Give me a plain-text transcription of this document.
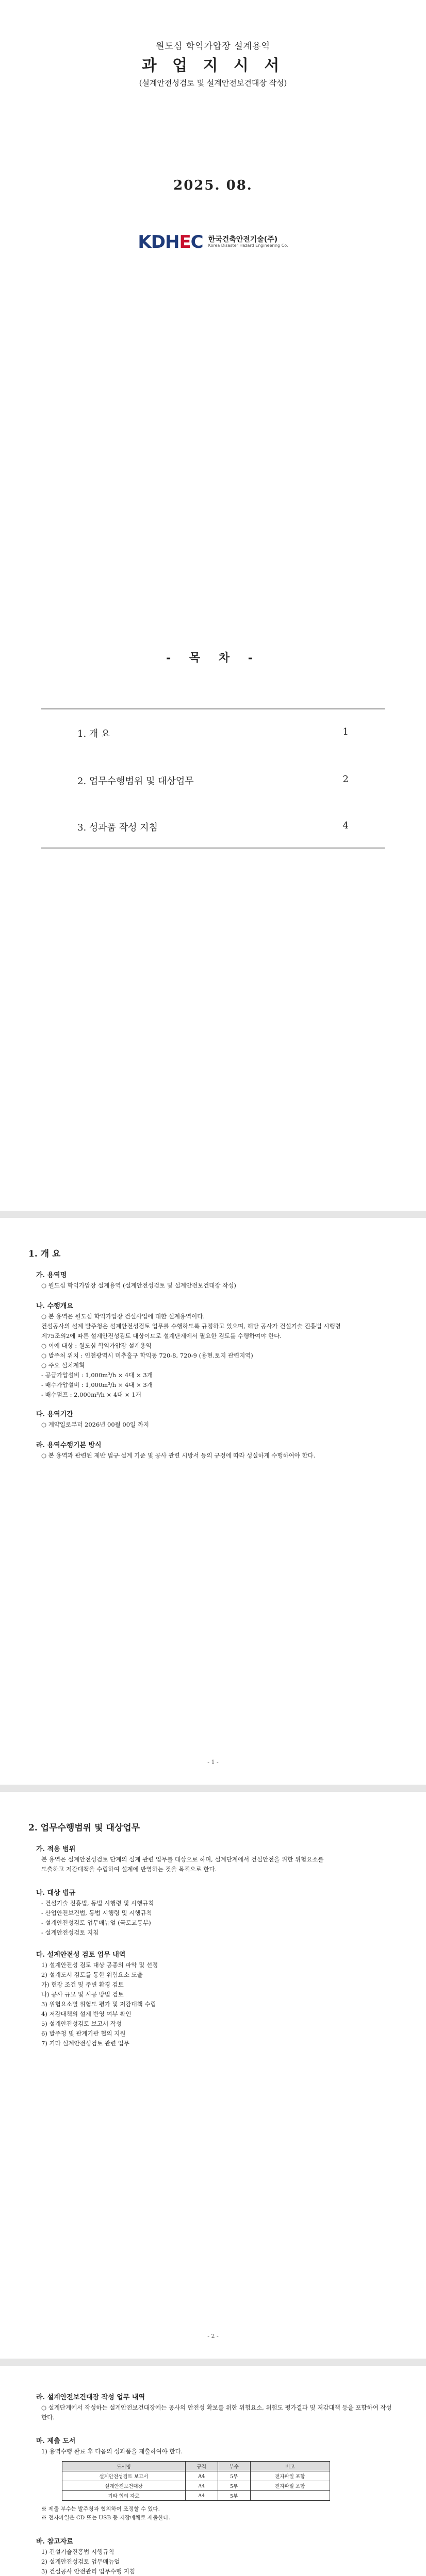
원도심 학익가압장 설계용역
과 업 지 시 서
(설계안전성검토 및 설계안전보건대장 작성)
2025. 08.
KDHEC 한국건축안전기술(주)
Korea Disaster Hazard Engineering Co.
- 목 차 -
1. 개 요	1
2. 업무수행범위 및 대상업무	2
3. 성과품 작성 지침	4
1. 개 요
가. 용역명
○ 원도심 학익가압장 설계용역 (설계안전성검토 및 설계안전보건대장 작성)
나. 수행개요
○ 본 용역은 원도심 학익가압장 건설사업에 대한 설계용역이다.
건설공사의 설계 발주청은 설계안전성검토 업무를 수행하도록 규정하고 있으며, 해당 공사가 건설기술 진흥법 시행령
제75조의2에 따른 설계안전성검토 대상이므로 설계단계에서 필요한 검토를 수행하여야 한다.
○ 이에 대상 : 원도심 학익가압장 설계용역
○ 발주처 위치 : 인천광역시 미추홀구 학익동 720-8, 720-9 (용현.토지 관련지역)
○ 주요 설치계획
- 공급가압설비 : 1,000m³/h × 4대 × 3개
- 배수가압설비 : 1,000m³/h × 4대 × 3개
- 배수펌프 : 2,000m³/h × 4대 × 1개
다. 용역기간
○ 계약일로부터 2026년 00월 00일 까지
라. 용역수행기본 방식
○ 본 용역과 관련된 제반 법규·설계 기준 및 공사 관련 시방서 등의 규정에 따라 성실하게 수행하여야 한다.
- 1 -
2. 업무수행범위 및 대상업무
가. 적용 범위
본 용역은 설계안전성검토 단계의 설계 관련 업무를 대상으로 하며, 설계단계에서 건설안전을 위한 위험요소를
도출하고 저감대책을 수립하여 설계에 반영하는 것을 목적으로 한다.
나. 대상 법규
- 건설기술 진흥법, 동법 시행령 및 시행규칙
- 산업안전보건법, 동법 시행령 및 시행규칙
- 설계안전성검토 업무매뉴얼 (국토교통부)
- 설계안전성검토 지침
다. 설계안전성 검토 업무 내역
1) 설계안전성 검토 대상 공종의 파악 및 선정
2) 설계도서 검토를 통한 위험요소 도출
가) 현장 조건 및 주변 환경 검토
나) 공사 규모 및 시공 방법 검토
3) 위험요소별 위험도 평가 및 저감대책 수립
4) 저감대책의 설계 반영 여부 확인
5) 설계안전성검토 보고서 작성
6) 발주청 및 관계기관 협의 지원
7) 기타 설계안전성검토 관련 업무
- 2 -
라. 설계안전보건대장 작성 업무 내역
○ 설계단계에서 작성하는 설계안전보건대장에는 공사의 안전성 확보를 위한 위험요소, 위험도 평가결과 및 저감대책 등을 포함하여 작성한다.
마. 제출 도서
1) 용역수행 완료 후 다음의 성과품을 제출하여야 한다.
도서명	규격	부수	비고
설계안전성검토 보고서	A4	5부	전자파일 포함
설계안전보건대장	A4	5부	전자파일 포함
기타 협의 자료	A4	5부	
※ 제출 부수는 발주청과 협의하여 조정할 수 있다.
※ 전자파일은 CD 또는 USB 등 저장매체로 제출한다.
바. 참고자료
1) 건설기술진흥법 시행규칙
2) 설계안전성검토 업무매뉴얼
3) 건설공사 안전관리 업무수행 지침
